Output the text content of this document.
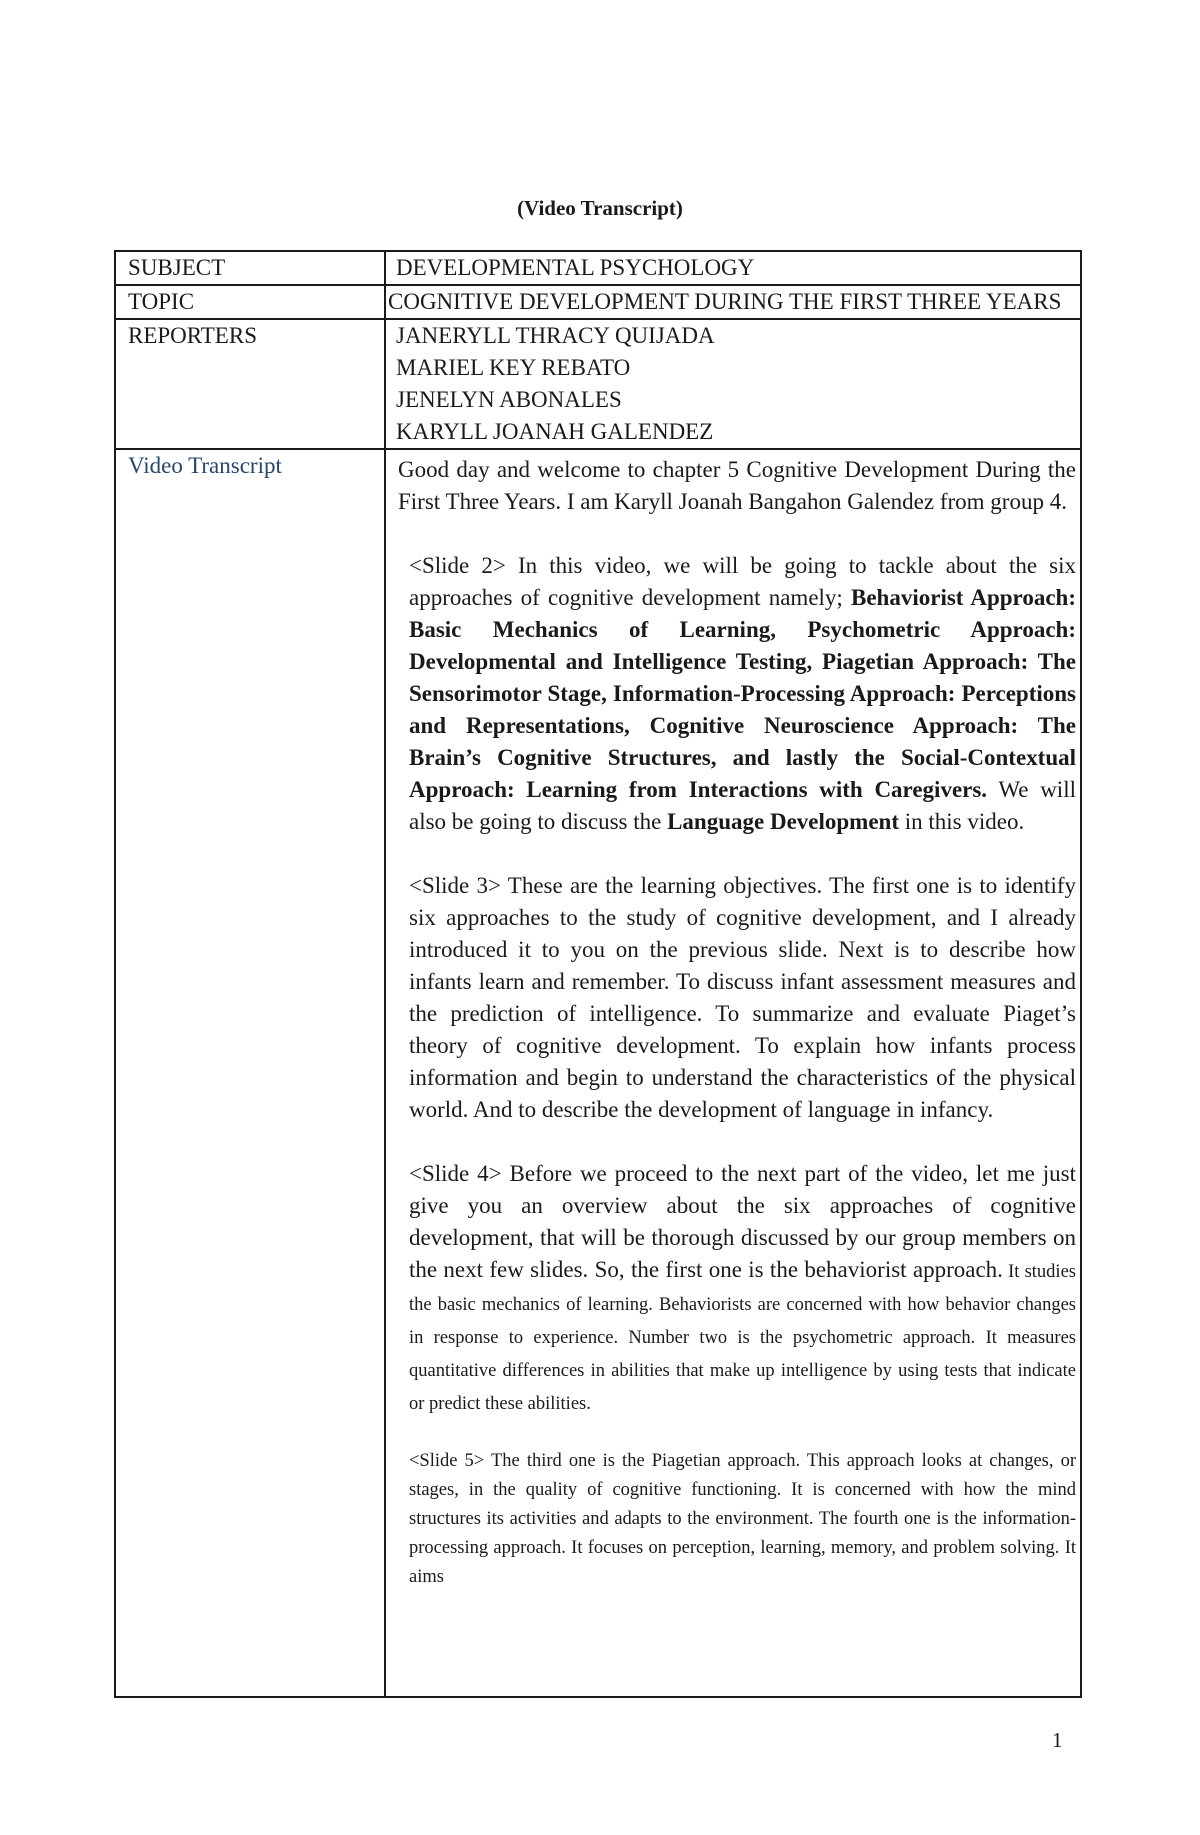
(Video Transcript)
SUBJECT	DEVELOPMENTAL PSYCHOLOGY
TOPIC	COGNITIVE DEVELOPMENT DURING THE FIRST THREE YEARS
REPORTERS	JANERYLL THRACY QUIJADA
MARIEL KEY REBATO
JENELYN ABONALES
KARYLL JOANAH GALENDEZ

Video Transcript	Good day and welcome to chapter 5 Cognitive Development During the First Three Years. I am Karyll Joanah Bangahon Galendez from group 4.

<Slide 2> In this video, we will be going to tackle about the six approaches of cognitive development namely; Behaviorist Approach: Basic Mechanics of Learning, Psychometric Approach: Developmental and Intelligence Testing, Piagetian Approach: The Sensorimotor Stage, Information-Processing Approach: Perceptions and Representations, Cognitive Neuroscience Approach: The Brain’s Cognitive Structures, and lastly the Social-Contextual Approach: Learning from Interactions with Caregivers. We will also be going to discuss the Language Development in this video.

<Slide 3> These are the learning objectives. The first one is to identify six approaches to the study of cognitive development, and I already introduced it to you on the previous slide. Next is to describe how infants learn and remember. To discuss infant assessment measures and the prediction of intelligence. To summarize and evaluate Piaget’s theory of cognitive development. To explain how infants process information and begin to understand the characteristics of the physical world. And to describe the development of language in infancy.

<Slide 4> Before we proceed to the next part of the video, let me just give you an overview about the six approaches of cognitive development, that will be thorough discussed by our group members on the next few slides. So, the first one is the behaviorist approach. It studies the basic mechanics of learning. Behaviorists are concerned with how behavior changes in response to experience. Number two is the psychometric approach. It measures quantitative differences in abilities that make up intelligence by using tests that indicate or predict these abilities.

<Slide 5> The third one is the Piagetian approach. This approach looks at changes, or stages, in the quality of cognitive functioning. It is concerned with how the mind structures its activities and adapts to the environment. The fourth one is the information-processing approach. It focuses on perception, learning, memory, and problem solving. It aims

1
